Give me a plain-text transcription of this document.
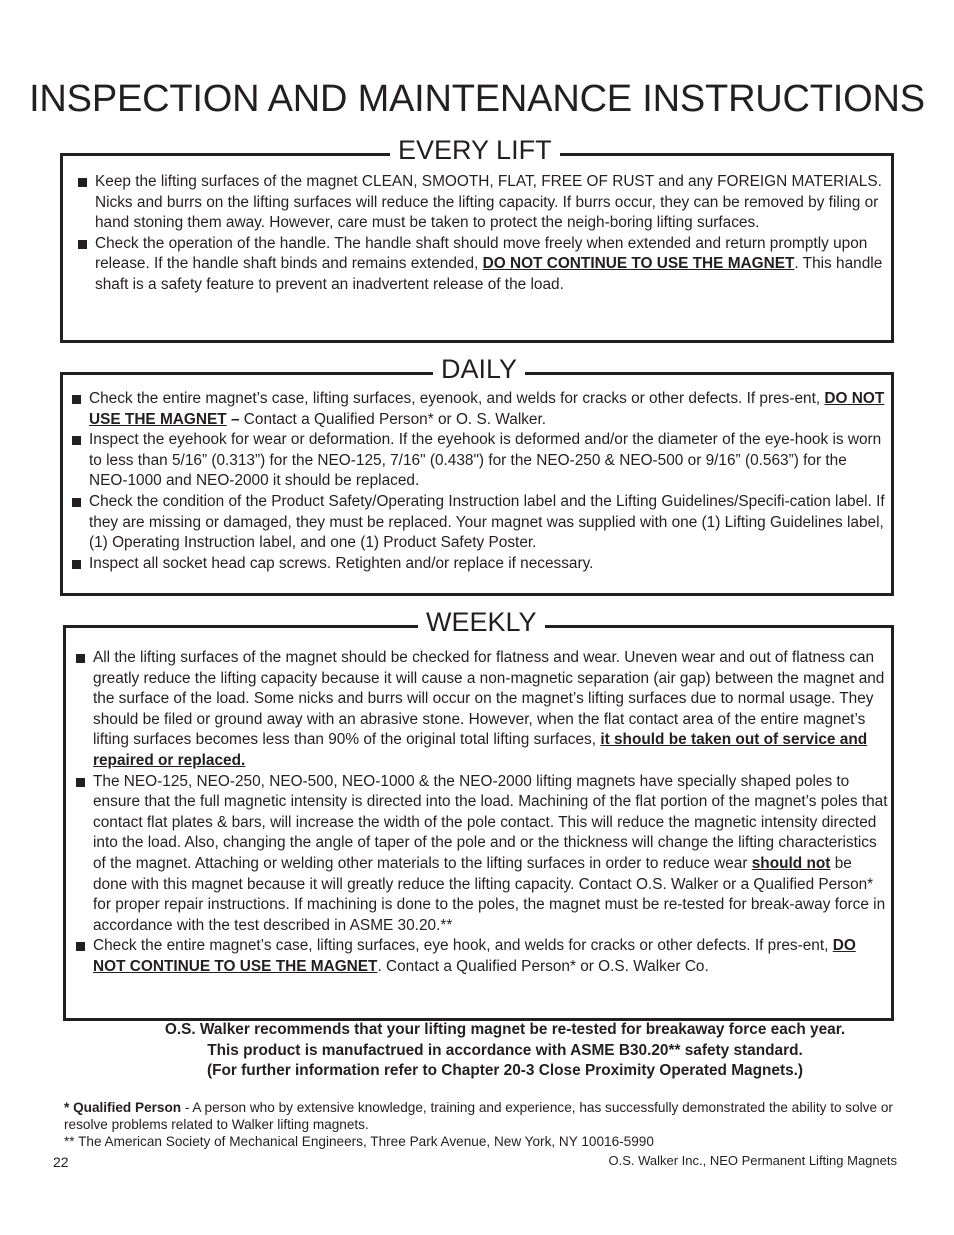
INSPECTION AND MAINTENANCE INSTRUCTIONS
EVERY LIFT
Keep the lifting surfaces of the magnet CLEAN, SMOOTH, FLAT, FREE OF RUST and any FOREIGN MATERIALS. Nicks and burrs on the lifting surfaces will reduce the lifting capacity. If burrs occur, they can be removed by filing or hand stoning them away. However, care must be taken to protect the neigh-boring lifting surfaces.
Check the operation of the handle. The handle shaft should move freely when extended and return promptly upon release. If the handle shaft binds and remains extended, DO NOT CONTINUE TO USE THE MAGNET. This handle shaft is a safety feature to prevent an inadvertent release of the load.
DAILY
Check the entire magnet’s case, lifting surfaces, eyenook, and welds for cracks or other defects. If pres-ent, DO NOT USE THE MAGNET – Contact a Qualified Person* or O. S. Walker.
Inspect the eyehook for wear or deformation. If the eyehook is deformed and/or the diameter of the eye-hook is worn to less than 5/16” (0.313”) for the NEO-125, 7/16" (0.438") for the NEO-250 & NEO-500 or 9/16” (0.563”) for the NEO-1000 and NEO-2000 it should be replaced.
Check the condition of the Product Safety/Operating Instruction label and the Lifting Guidelines/Specifi-cation label. If they are missing or damaged, they must be replaced. Your magnet was supplied with one (1) Lifting Guidelines label, (1) Operating Instruction label, and one (1) Product Safety Poster.
Inspect all socket head cap screws. Retighten and/or replace if necessary.
WEEKLY
All the lifting surfaces of the magnet should be checked for flatness and wear. Uneven wear and out of flatness can greatly reduce the lifting capacity because it will cause a non-magnetic separation (air gap) between the magnet and the surface of the load. Some nicks and burrs will occur on the magnet’s lifting surfaces due to normal usage. They should be filed or ground away with an abrasive stone. However, when the flat contact area of the entire magnet’s lifting surfaces becomes less than 90% of the original total lifting surfaces, it should be taken out of service and repaired or replaced.
The NEO-125, NEO-250, NEO-500, NEO-1000 & the NEO-2000 lifting magnets have specially shaped poles to ensure that the full magnetic intensity is directed into the load. Machining of the flat portion of the magnet’s poles that contact flat plates & bars, will increase the width of the pole contact. This will reduce the magnetic intensity directed into the load. Also, changing the angle of taper of the pole and or the thickness will change the lifting characteristics of the magnet. Attaching or welding other materials to the lifting surfaces in order to reduce wear should not be done with this magnet because it will greatly reduce the lifting capacity. Contact O.S. Walker or a Qualified Person* for proper repair instructions. If machining is done to the poles, the magnet must be re-tested for break-away force in accordance with the test described in ASME 30.20.**
Check the entire magnet’s case, lifting surfaces, eye hook, and welds for cracks or other defects. If pres-ent, DO NOT CONTINUE TO USE THE MAGNET. Contact a Qualified Person* or O.S. Walker Co.
O.S. Walker recommends that your lifting magnet be re-tested for breakaway force each year.
This product is manufactrued in accordance with ASME B30.20** safety standard.
(For further information refer to Chapter 20-3 Close Proximity Operated Magnets.)
* Qualified Person - A person who by extensive knowledge, training and experience, has successfully demonstrated the ability to solve or resolve problems related to Walker lifting magnets.
** The American Society of Mechanical Engineers, Three Park Avenue, New York, NY 10016-5990
22	O.S. Walker Inc., NEO Permanent Lifting Magnets
